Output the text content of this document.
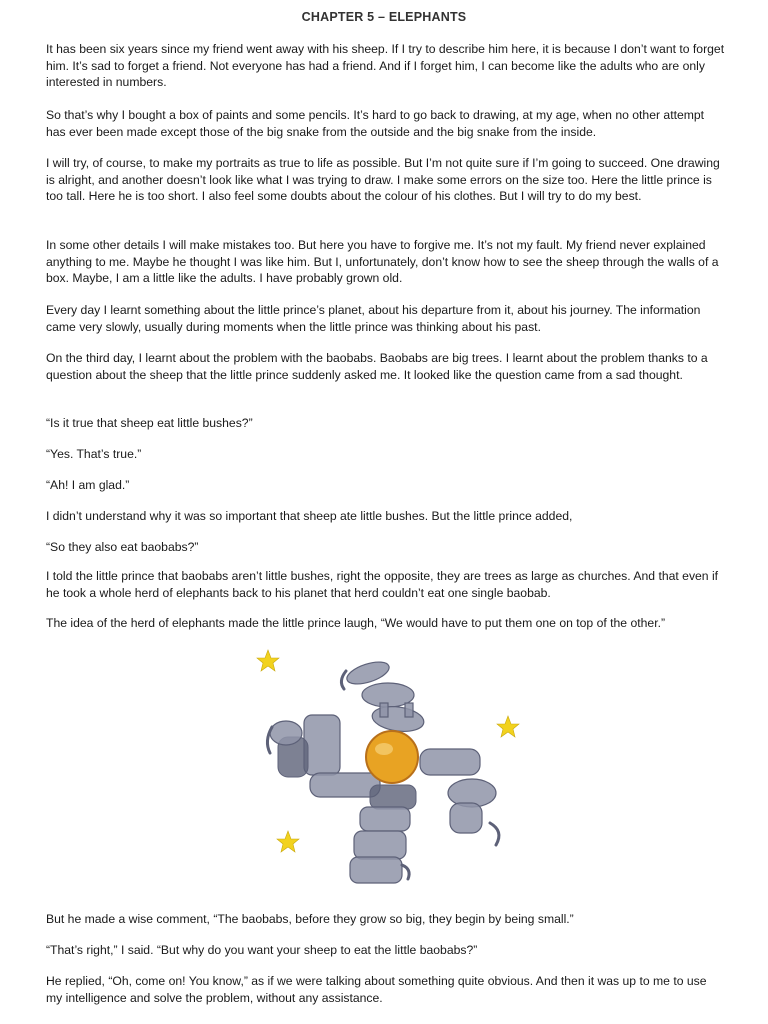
CHAPTER 5 – ELEPHANTS

It has been six years since my friend went away with his sheep. If I try to describe him here, it is because I don’t want to forget him. It’s sad to forget a friend. Not everyone has had a friend. And if I forget him, I can become like the adults who are only interested in numbers.

So that’s why I bought a box of paints and some pencils. It’s hard to go back to drawing, at my age, when no other attempt has ever been made except those of the big snake from the outside and the big snake from the inside.

I will try, of course, to make my portraits as true to life as possible. But I’m not quite sure if I’m going to succeed. One drawing is alright, and another doesn’t look like what I was trying to draw. I make some errors on the size too. Here the little prince is too tall. Here he is too short. I also feel some doubts about the colour of his clothes. But I will try to do my best.

In some other details I will make mistakes too. But here you have to forgive me. It’s not my fault. My friend never explained anything to me. Maybe he thought I was like him. But I, unfortunately, don’t know how to see the sheep through the walls of a box. Maybe, I am a little like the adults. I have probably grown old.

Every day I learnt something about the little prince’s planet, about his departure from it, about his journey. The information came very slowly, usually during moments when the little prince was thinking about his past.

On the third day, I learnt about the problem with the baobabs. Baobabs are big trees. I learnt about the problem thanks to a question about the sheep that the little prince suddenly asked me. It looked like the question came from a sad thought.

“Is it true that sheep eat little bushes?”

“Yes. That’s true.”

“Ah! I am glad.”

I didn’t understand why it was so important that sheep ate little bushes. But the little prince added,

“So they also eat baobabs?”

I told the little prince that baobabs aren’t little bushes, right the opposite, they are trees as large as churches. And that even if he took a whole herd of elephants back to his planet that herd couldn’t eat one single baobab.

The idea of the herd of elephants made the little prince laugh, “We would have to put them one on top of the other.”

But he made a wise comment, “The baobabs, before they grow so big, they begin by being small.”

“That’s right,” I said. “But why do you want your sheep to eat the little baobabs?”

He replied, “Oh, come on! You know,” as if we were talking about something quite obvious. And then it was up to me to use my intelligence and solve the problem, without any assistance.
